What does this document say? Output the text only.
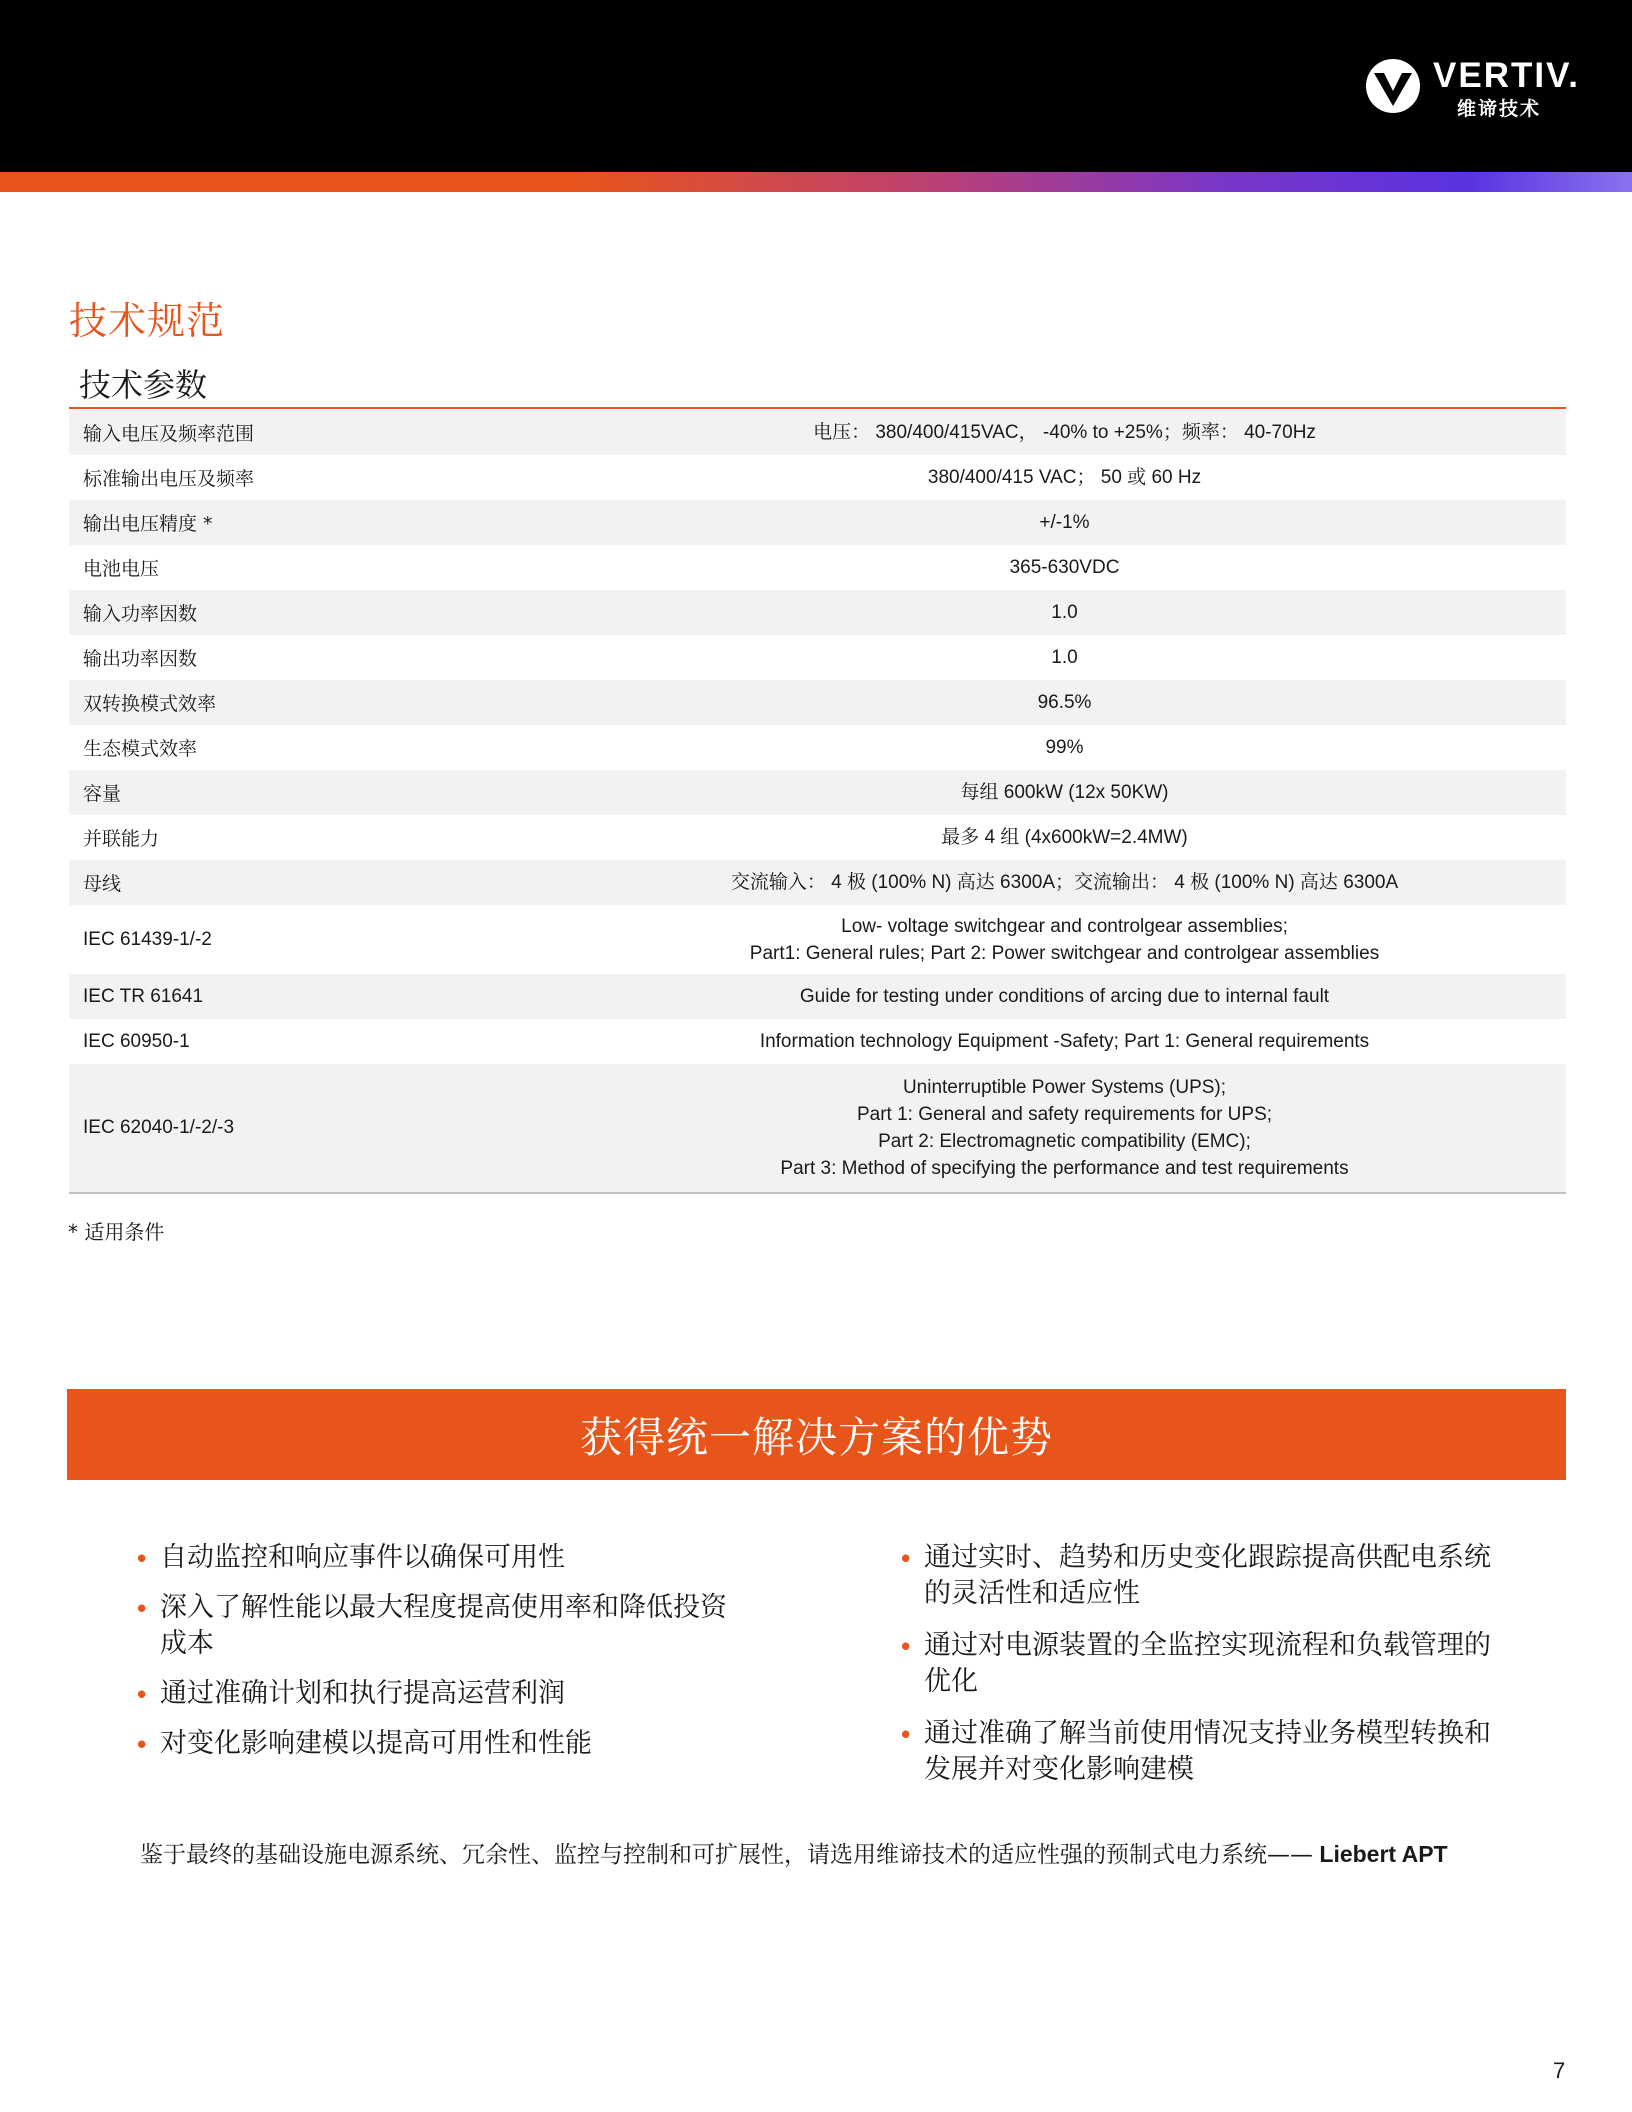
VERTIV.
维谛技术
技术规范
技术参数
输入电压及频率范围	电压： 380/400/415VAC， -40% to +25%；频率： 40-70Hz

标准输出电压及频率	380/400/415 VAC； 50 或 60 Hz

输出电压精度 *	+/-1%

电池电压	365-630VDC

输入功率因数	1.0

输出功率因数	1.0

双转换模式效率	96.5%

生态模式效率	99%

容量	每组 600kW (12x 50KW)

并联能力	最多 4 组 (4x600kW=2.4MW)

母线	交流输入： 4 极 (100% N) 高达 6300A；交流输出： 4 极 (100% N) 高达 6300A

IEC 61439-1/-2	Low- voltage switchgear and controlgear assemblies;
Part1: General rules; Part 2: Power switchgear and controlgear assemblies

IEC TR 61641	Guide for testing under conditions of arcing due to internal fault

IEC 60950-1	Information technology Equipment -Safety; Part 1: General requirements

IEC 62040-1/-2/-3	Uninterruptible Power Systems (UPS);
Part 1: General and safety requirements for UPS;
Part 2: Electromagnetic compatibility (EMC);
Part 3: Method of specifying the performance and test requirements
* 适用条件
获得统一解决方案的优势
• 自动监控和响应事件以确保可用性
• 深入了解性能以最大程度提高使用率和降低投资成本
• 通过准确计划和执行提高运营利润
• 对变化影响建模以提高可用性和性能
• 通过实时、趋势和历史变化跟踪提高供配电系统的灵活性和适应性
• 通过对电源装置的全监控实现流程和负载管理的优化
• 通过准确了解当前使用情况支持业务模型转换和发展并对变化影响建模
鉴于最终的基础设施电源系统、冗余性、监控与控制和可扩展性，请选用维谛技术的适应性强的预制式电力系统—— Liebert APT
7
